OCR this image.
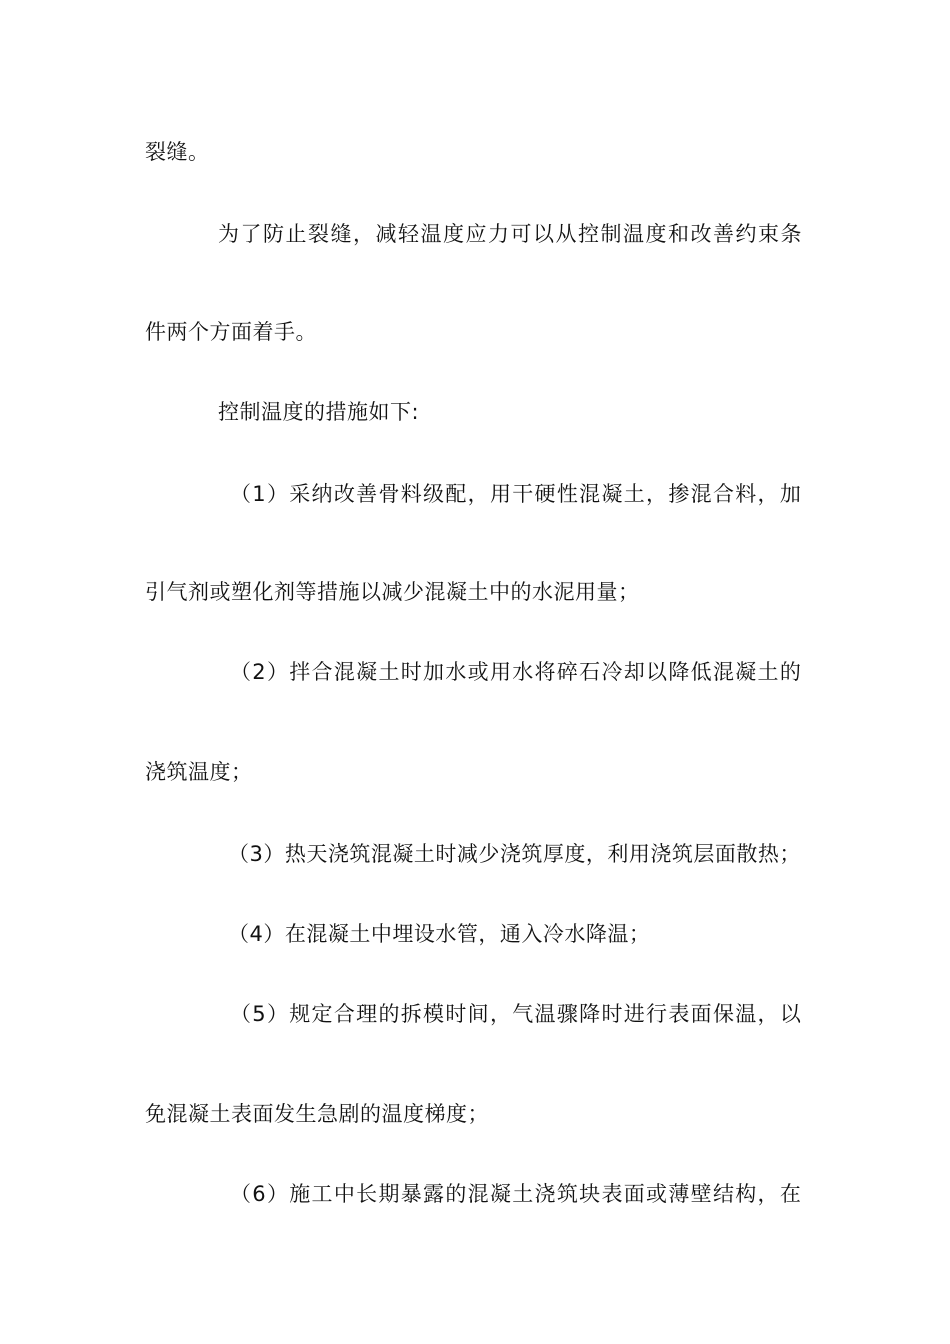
裂缝。
为了防止裂缝，减轻温度应力可以从控制温度和改善约束条
件两个方面着手。
控制温度的措施如下:
（1）采纳改善骨料级配，用干硬性混凝土，掺混合料，加
引气剂或塑化剂等措施以减少混凝土中的水泥用量；
（2）拌合混凝土时加水或用水将碎石冷却以降低混凝土的
浇筑温度；
（3）热天浇筑混凝土时减少浇筑厚度，利用浇筑层面散热；
（4）在混凝土中埋设水管，通入冷水降温；
（5）规定合理的拆模时间，气温骤降时进行表面保温，以
免混凝土表面发生急剧的温度梯度；
（6）施工中长期暴露的混凝土浇筑块表面或薄壁结构，在
